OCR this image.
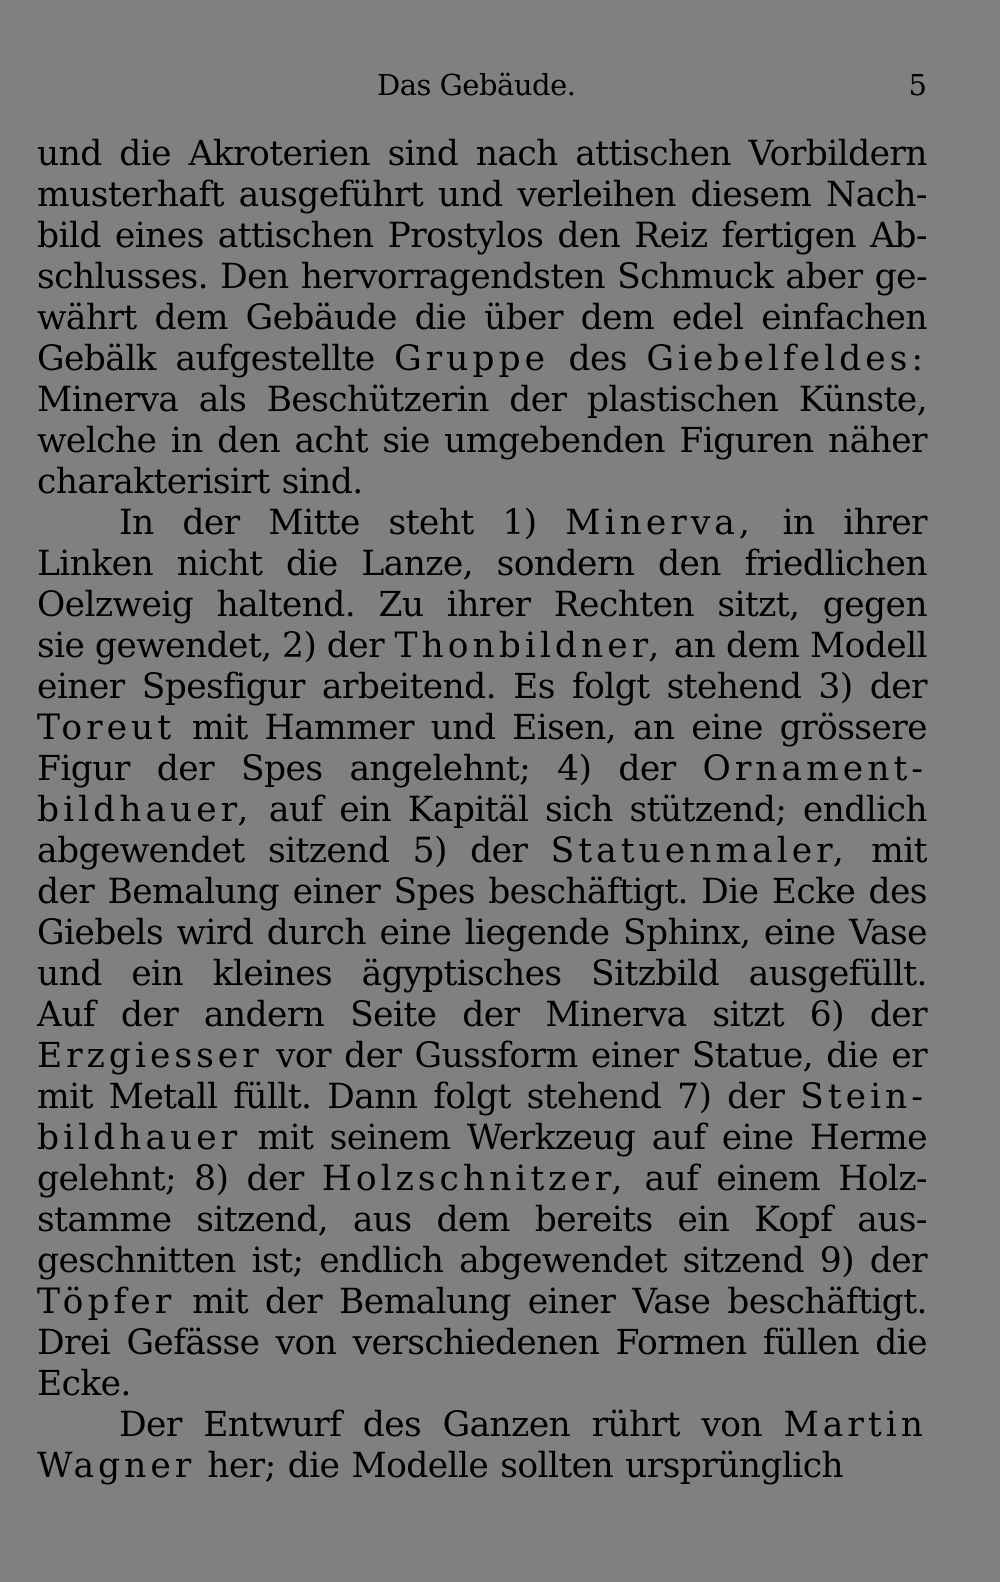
Das Gebäude.	5
und die Akroterien sind nach attischen Vorbildern
musterhaft ausgeführt und verleihen diesem Nach-
bild eines attischen Prostylos den Reiz fertigen Ab-
schlusses. Den hervorragendsten Schmuck aber ge-
währt dem Gebäude die über dem edel einfachen
Gebälk aufgestellte Gruppe des Giebelfeldes:
Minerva als Beschützerin der plastischen Künste,
welche in den acht sie umgebenden Figuren näher
charakterisirt sind.
In der Mitte steht 1) Minerva, in ihrer
Linken nicht die Lanze, sondern den friedlichen
Oelzweig haltend. Zu ihrer Rechten sitzt, gegen
sie gewendet, 2) der Thonbildner, an dem Modell
einer Spesfigur arbeitend. Es folgt stehend 3) der
Toreut mit Hammer und Eisen, an eine grössere
Figur der Spes angelehnt; 4) der Ornament-
bildhauer, auf ein Kapitäl sich stützend; endlich
abgewendet sitzend 5) der Statuenmaler, mit
der Bemalung einer Spes beschäftigt. Die Ecke des
Giebels wird durch eine liegende Sphinx, eine Vase
und ein kleines ägyptisches Sitzbild ausgefüllt.
Auf der andern Seite der Minerva sitzt 6) der
Erzgiesser vor der Gussform einer Statue, die er
mit Metall füllt. Dann folgt stehend 7) der Stein-
bildhauer mit seinem Werkzeug auf eine Herme
gelehnt; 8) der Holzschnitzer, auf einem Holz-
stamme sitzend, aus dem bereits ein Kopf aus-
geschnitten ist; endlich abgewendet sitzend 9) der
Töpfer mit der Bemalung einer Vase beschäftigt.
Drei Gefässe von verschiedenen Formen füllen die
Ecke.
Der Entwurf des Ganzen rührt von Martin
Wagner her; die Modelle sollten ursprünglich
